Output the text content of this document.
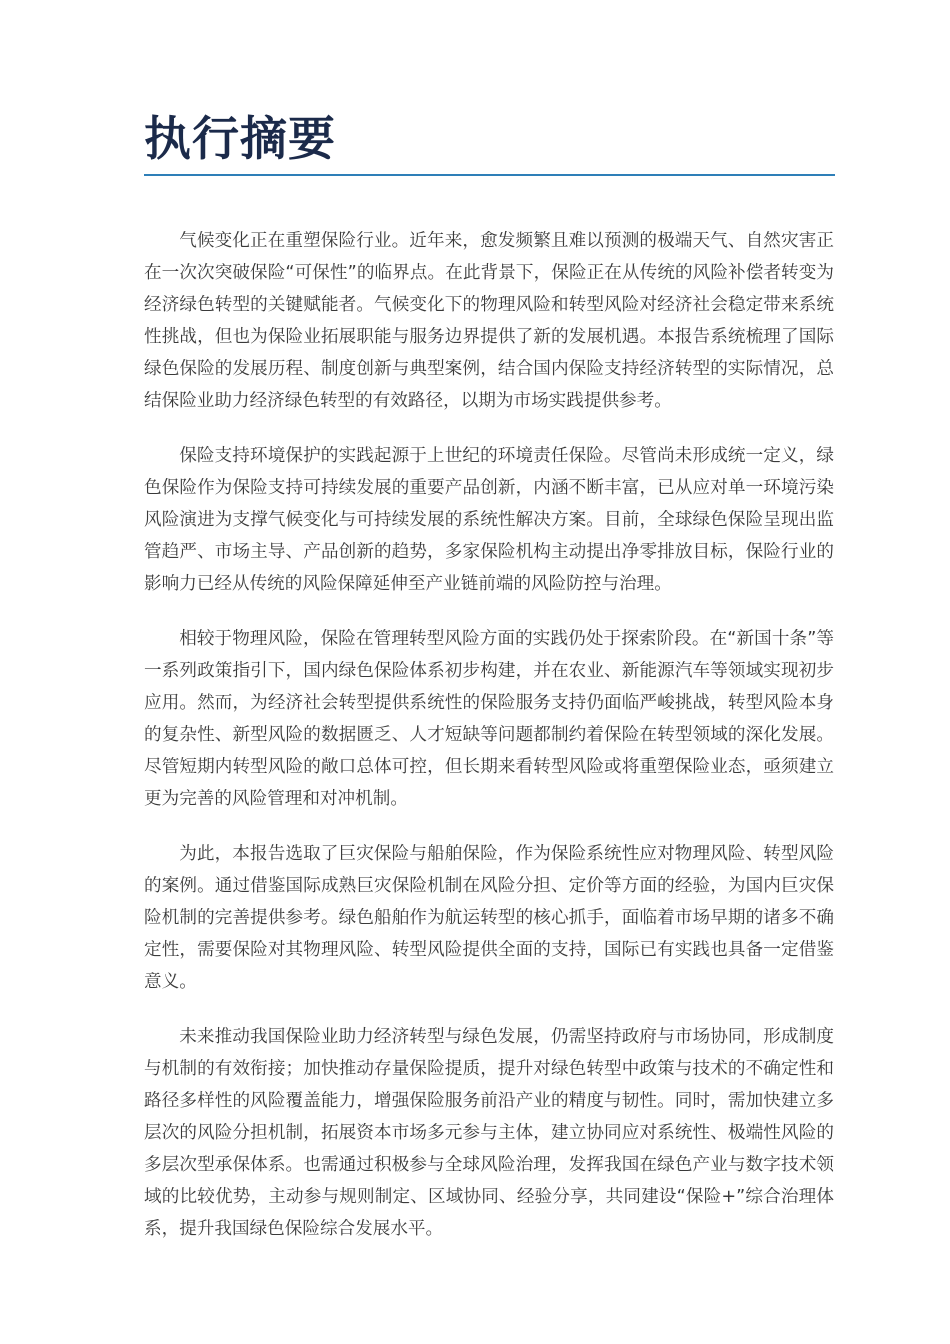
执行摘要

气候变化正在重塑保险行业。近年来，愈发频繁且难以预测的极端天气、自然灾害正在一次次突破保险“可保性”的临界点。在此背景下，保险正在从传统的风险补偿者转变为经济绿色转型的关键赋能者。气候变化下的物理风险和转型风险对经济社会稳定带来系统性挑战，但也为保险业拓展职能与服务边界提供了新的发展机遇。本报告系统梳理了国际绿色保险的发展历程、制度创新与典型案例，结合国内保险支持经济转型的实际情况，总结保险业助力经济绿色转型的有效路径，以期为市场实践提供参考。

保险支持环境保护的实践起源于上世纪的环境责任保险。尽管尚未形成统一定义，绿色保险作为保险支持可持续发展的重要产品创新，内涵不断丰富，已从应对单一环境污染风险演进为支撑气候变化与可持续发展的系统性解决方案。目前，全球绿色保险呈现出监管趋严、市场主导、产品创新的趋势，多家保险机构主动提出净零排放目标，保险行业的影响力已经从传统的风险保障延伸至产业链前端的风险防控与治理。

相较于物理风险，保险在管理转型风险方面的实践仍处于探索阶段。在“新国十条”等一系列政策指引下，国内绿色保险体系初步构建，并在农业、新能源汽车等领域实现初步应用。然而，为经济社会转型提供系统性的保险服务支持仍面临严峻挑战，转型风险本身的复杂性、新型风险的数据匮乏、人才短缺等问题都制约着保险在转型领域的深化发展。尽管短期内转型风险的敞口总体可控，但长期来看转型风险或将重塑保险业态，亟须建立更为完善的风险管理和对冲机制。

为此，本报告选取了巨灾保险与船舶保险，作为保险系统性应对物理风险、转型风险的案例。通过借鉴国际成熟巨灾保险机制在风险分担、定价等方面的经验，为国内巨灾保险机制的完善提供参考。绿色船舶作为航运转型的核心抓手，面临着市场早期的诸多不确定性，需要保险对其物理风险、转型风险提供全面的支持，国际已有实践也具备一定借鉴意义。

未来推动我国保险业助力经济转型与绿色发展，仍需坚持政府与市场协同，形成制度与机制的有效衔接；加快推动存量保险提质，提升对绿色转型中政策与技术的不确定性和路径多样性的风险覆盖能力，增强保险服务前沿产业的精度与韧性。同时，需加快建立多层次的风险分担机制，拓展资本市场多元参与主体，建立协同应对系统性、极端性风险的多层次型承保体系。也需通过积极参与全球风险治理，发挥我国在绿色产业与数字技术领域的比较优势，主动参与规则制定、区域协同、经验分享，共同建设“保险+”综合治理体系，提升我国绿色保险综合发展水平。
